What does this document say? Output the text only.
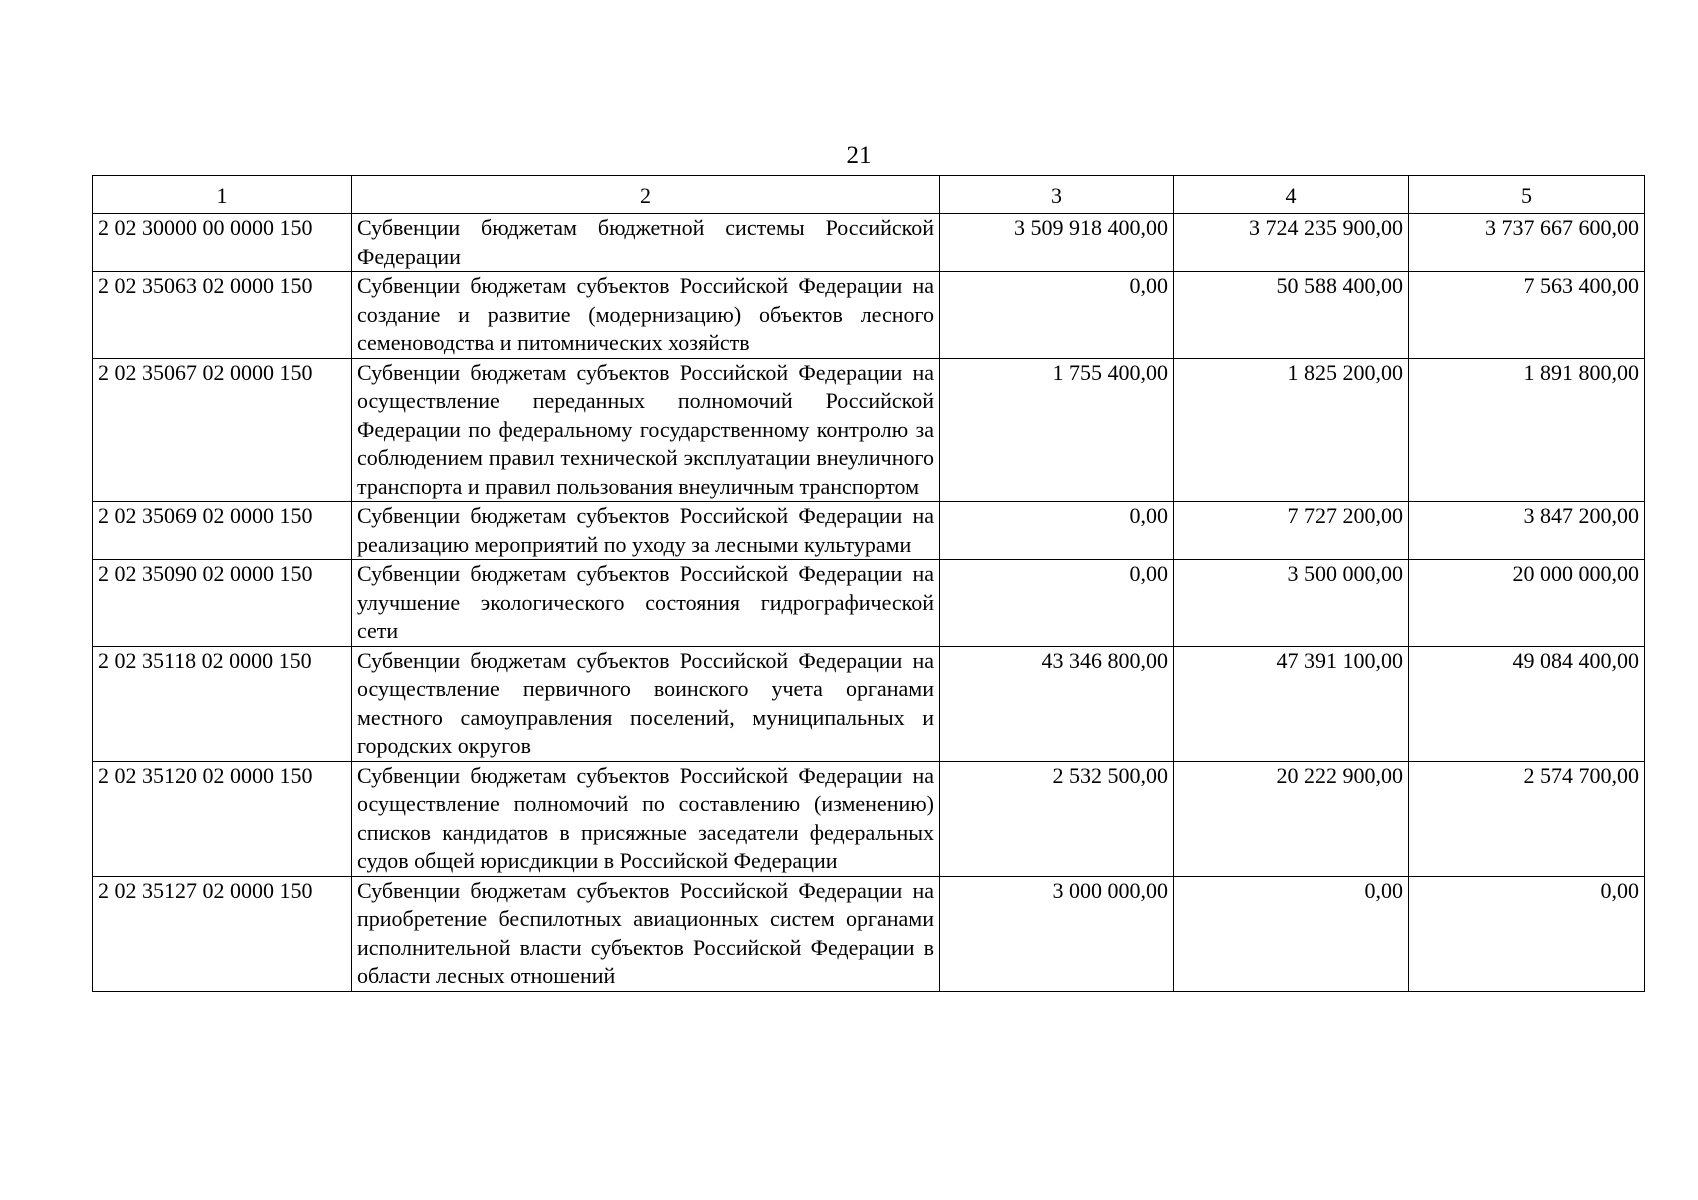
21
1	2	3	4	5
2 02 30000 00 0000 150	Субвенции бюджетам бюджетной системы Российской Федерации	3 509 918 400,00	3 724 235 900,00	3 737 667 600,00
2 02 35063 02 0000 150	Субвенции бюджетам субъектов Российской Федерации на создание и развитие (модернизацию) объектов лесного семеноводства и питомнических хозяйств	0,00	50 588 400,00	7 563 400,00
2 02 35067 02 0000 150	Субвенции бюджетам субъектов Российской Федерации на осуществление переданных полномочий Российской Федерации по федеральному государственному контролю за соблюдением правил технической эксплуатации внеуличного транспорта и правил пользования внеуличным транспортом	1 755 400,00	1 825 200,00	1 891 800,00
2 02 35069 02 0000 150	Субвенции бюджетам субъектов Российской Федерации на реализацию мероприятий по уходу за лесными культурами	0,00	7 727 200,00	3 847 200,00
2 02 35090 02 0000 150	Субвенции бюджетам субъектов Российской Федерации на улучшение экологического состояния гидрографической сети	0,00	3 500 000,00	20 000 000,00
2 02 35118 02 0000 150	Субвенции бюджетам субъектов Российской Федерации на осуществление первичного воинского учета органами местного самоуправления поселений, муниципальных и городских округов	43 346 800,00	47 391 100,00	49 084 400,00
2 02 35120 02 0000 150	Субвенции бюджетам субъектов Российской Федерации на осуществление полномочий по составлению (изменению) списков кандидатов в присяжные заседатели федеральных судов общей юрисдикции в Российской Федерации	2 532 500,00	20 222 900,00	2 574 700,00
2 02 35127 02 0000 150	Субвенции бюджетам субъектов Российской Федерации на приобретение беспилотных авиационных систем органами исполнительной власти субъектов Российской Федерации в области лесных отношений	3 000 000,00	0,00	0,00
